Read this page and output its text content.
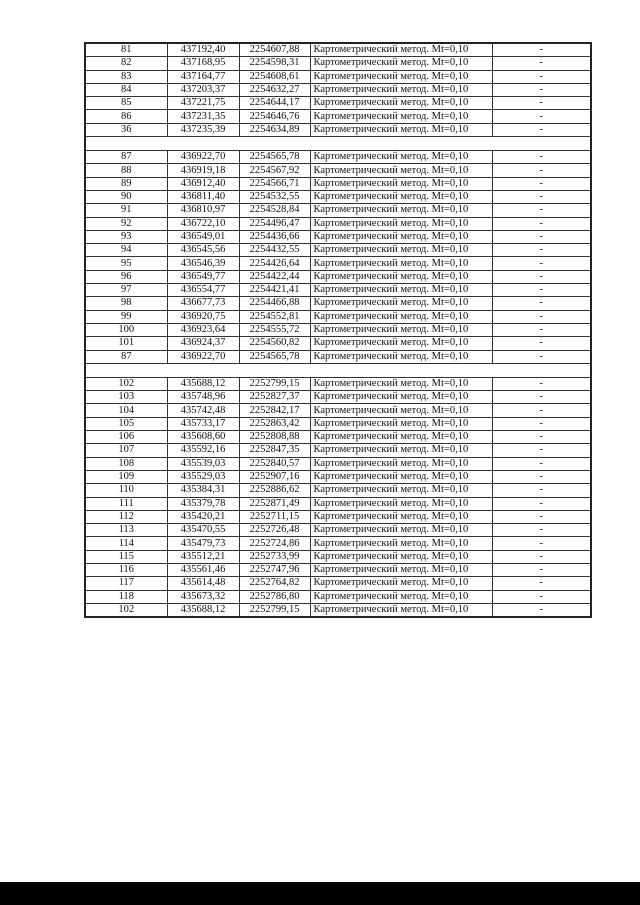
81	437192,40	2254607,88	Картометрический метод. Mt=0,10	-
82	437168,95	2254598,31	Картометрический метод. Mt=0,10	-
83	437164,77	2254608,61	Картометрический метод. Mt=0,10	-
84	437203,37	2254632,27	Картометрический метод. Mt=0,10	-
85	437221,75	2254644,17	Картометрический метод. Mt=0,10	-
86	437231,35	2254646,76	Картометрический метод. Mt=0,10	-
36	437235,39	2254634,89	Картометрический метод. Mt=0,10	-

87	436922,70	2254565,78	Картометрический метод. Mt=0,10	-
88	436919,18	2254567,92	Картометрический метод. Mt=0,10	-
89	436912,40	2254566,71	Картометрический метод. Mt=0,10	-
90	436811,40	2254532,55	Картометрический метод. Mt=0,10	-
91	436810,97	2254528,84	Картометрический метод. Mt=0,10	-
92	436722,10	2254496,47	Картометрический метод. Mt=0,10	-
93	436549,01	2254436,66	Картометрический метод. Mt=0,10	-
94	436545,56	2254432,55	Картометрический метод. Mt=0,10	-
95	436546,39	2254426,64	Картометрический метод. Mt=0,10	-
96	436549,77	2254422,44	Картометрический метод. Mt=0,10	-
97	436554,77	2254421,41	Картометрический метод. Mt=0,10	-
98	436677,73	2254466,88	Картометрический метод. Mt=0,10	-
99	436920,75	2254552,81	Картометрический метод. Mt=0,10	-
100	436923,64	2254555,72	Картометрический метод. Mt=0,10	-
101	436924,37	2254560,82	Картометрический метод. Mt=0,10	-
87	436922,70	2254565,78	Картометрический метод. Mt=0,10	-

102	435688,12	2252799,15	Картометрический метод. Mt=0,10	-
103	435748,96	2252827,37	Картометрический метод. Mt=0,10	-
104	435742,48	2252842,17	Картометрический метод. Mt=0,10	-
105	435733,17	2252863,42	Картометрический метод. Mt=0,10	-
106	435608,60	2252808,88	Картометрический метод. Mt=0,10	-
107	435592,16	2252847,35	Картометрический метод. Mt=0,10	-
108	435539,03	2252840,57	Картометрический метод. Mt=0,10	-
109	435529,03	2252907,16	Картометрический метод. Mt=0,10	-
110	435384,31	2252886,62	Картометрический метод. Mt=0,10	-
111	435379,78	2252871,49	Картометрический метод. Mt=0,10	-
112	435420,21	2252711,15	Картометрический метод. Mt=0,10	-
113	435470,55	2252726,48	Картометрический метод. Mt=0,10	-
114	435479,73	2252724,86	Картометрический метод. Mt=0,10	-
115	435512,21	2252733,99	Картометрический метод. Mt=0,10	-
116	435561,46	2252747,96	Картометрический метод. Mt=0,10	-
117	435614,48	2252764,82	Картометрический метод. Mt=0,10	-
118	435673,32	2252786,80	Картометрический метод. Mt=0,10	-
102	435688,12	2252799,15	Картометрический метод. Mt=0,10	-
